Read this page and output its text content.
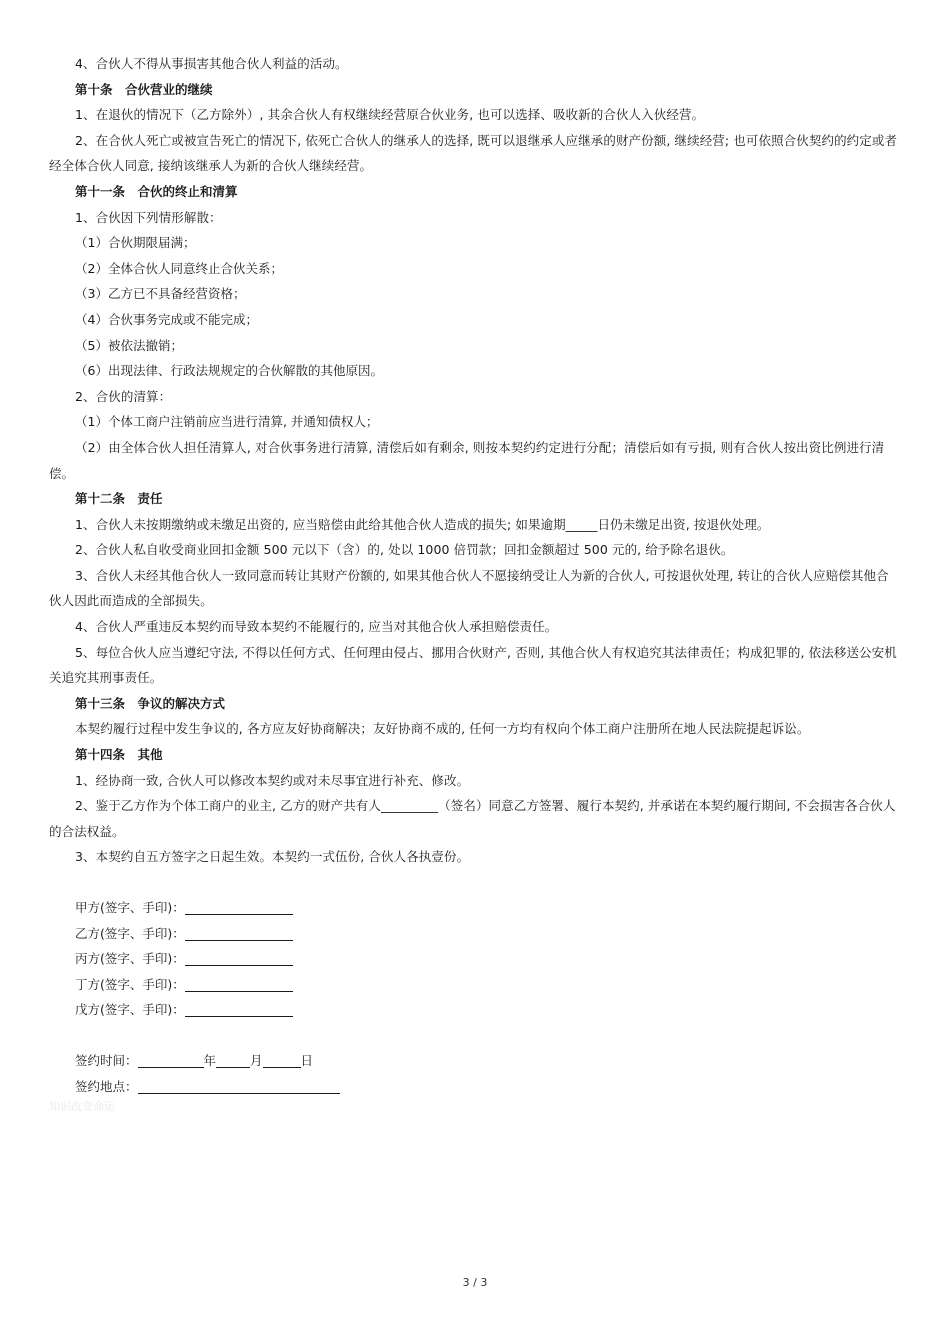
4、合伙人不得从事损害其他合伙人利益的活动。

第十条　合伙营业的继续

1、在退伙的情况下（乙方除外）, 其余合伙人有权继续经营原合伙业务, 也可以选择、吸收新的合伙人入伙经营。

2、在合伙人死亡或被宣告死亡的情况下, 依死亡合伙人的继承人的选择, 既可以退继承人应继承的财产份额, 继续经营; 也可依照合伙契约的约定或者经全体合伙人同意, 接纳该继承人为新的合伙人继续经营。

第十一条　合伙的终止和清算

1、合伙因下列情形解散：

（1）合伙期限届满；

（2）全体合伙人同意终止合伙关系；

（3）乙方已不具备经营资格；

（4）合伙事务完成或不能完成；

（5）被依法撤销；

（6）出现法律、行政法规规定的合伙解散的其他原因。

2、合伙的清算：

（1）个体工商户注销前应当进行清算, 并通知债权人；

（2）由全体合伙人担任清算人, 对合伙事务进行清算, 清偿后如有剩余, 则按本契约约定进行分配；清偿后如有亏损, 则有合伙人按出资比例进行清偿。

第十二条　责任

1、合伙人未按期缴纳或未缴足出资的, 应当赔偿由此给其他合伙人造成的损失; 如果逾期_____日仍未缴足出资, 按退伙处理。

2、合伙人私自收受商业回扣金额 500 元以下（含）的, 处以 1000 倍罚款；回扣金额超过 500 元的, 给予除名退伙。

3、合伙人未经其他合伙人一致同意而转让其财产份额的, 如果其他合伙人不愿接纳受让人为新的合伙人, 可按退伙处理, 转让的合伙人应赔偿其他合伙人因此而造成的全部损失。

4、合伙人严重违反本契约而导致本契约不能履行的, 应当对其他合伙人承担赔偿责任。

5、每位合伙人应当遵纪守法, 不得以任何方式、任何理由侵占、挪用合伙财产, 否则, 其他合伙人有权追究其法律责任；构成犯罪的, 依法移送公安机关追究其刑事责任。

第十三条　争议的解决方式

本契约履行过程中发生争议的, 各方应友好协商解决；友好协商不成的, 任何一方均有权向个体工商户注册所在地人民法院提起诉讼。

第十四条　其他

1、经协商一致, 合伙人可以修改本契约或对未尽事宜进行补充、修改。

2、鉴于乙方作为个体工商户的业主, 乙方的财产共有人_________（签名）同意乙方签署、履行本契约, 并承诺在本契约履行期间, 不会损害各合伙人的合法权益。

3、本契约自五方签字之日起生效。本契约一式伍份, 合伙人各执壹份。

甲方(签字、手印)：

乙方(签字、手印)：

丙方(签字、手印)：

丁方(签字、手印)：

戊方(签字、手印)：

签约时间：	年	月	日

签约地点：

知识改变命运
3 / 3
